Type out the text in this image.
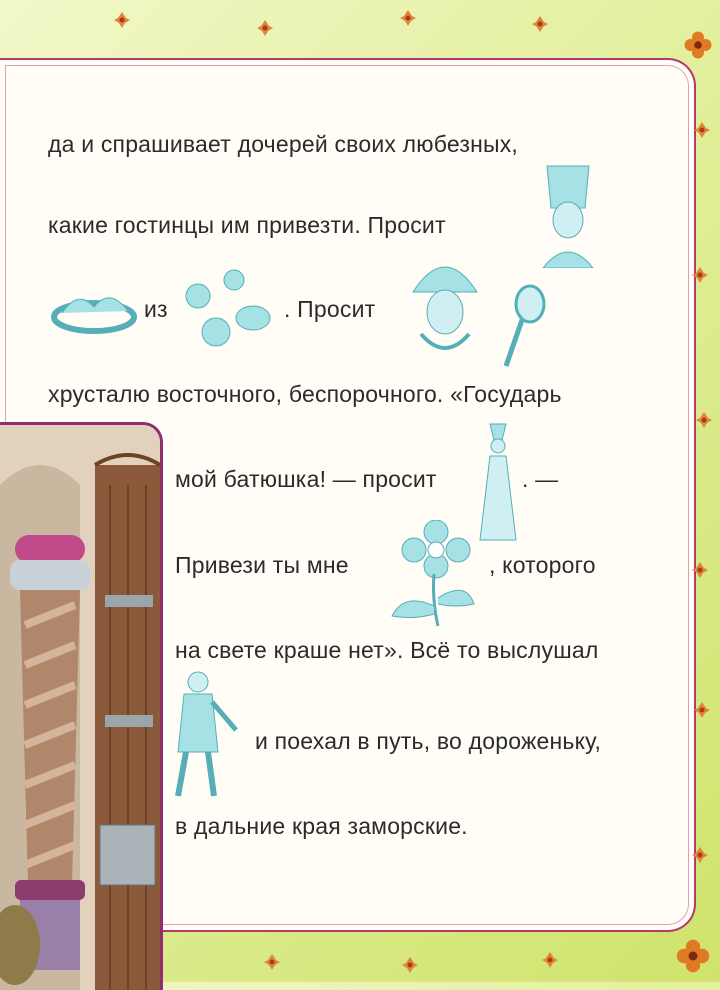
да и спрашивает дочерей своих любезных,
какие гостинцы им привезти. Просит
из	. Просит
хрусталю восточного, беспорочного. «Государь
мой батюшка! — просит	. —
Привези ты мне	, которого
на свете краше нет». Всё то выслушал
и поехал в путь, во дороженьку,
в дальние края заморские.
